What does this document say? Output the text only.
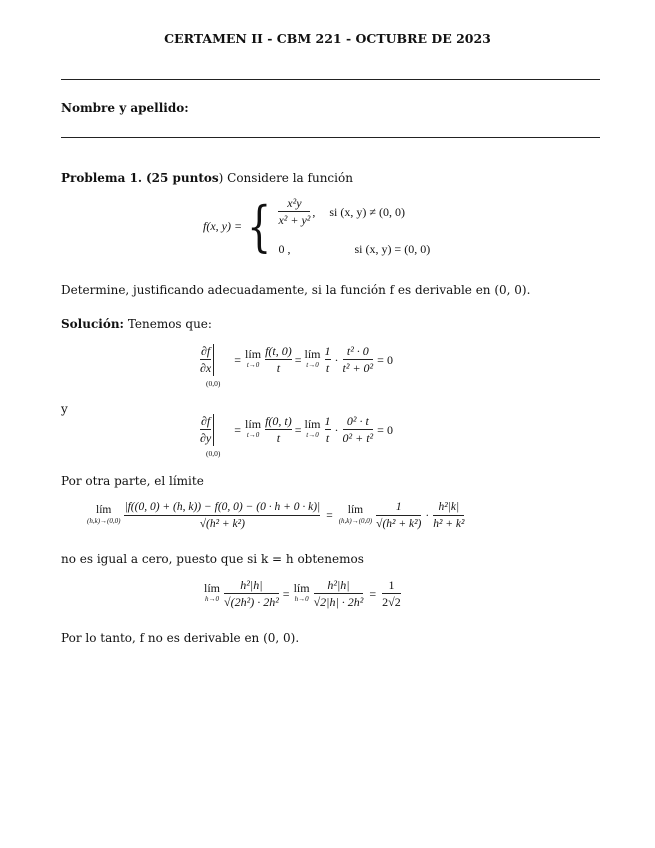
CERTAMEN II - CBM 221 - OCTUBRE DE 2023
Nombre y apellido:
Problema 1. (25 puntos) Considere la función
f(x, y) = { $\frac{\text{x²y}}{\text{x² + y²}}$ , si (x, y) ≠ (0, 0)
0 ,	si (x, y) = (0, 0)
Determine, justificando adecuadamente, si la función f es derivable en (0, 0).
Solución: Tenemos que:
$\frac{\partial f}{\partial x}$
(0,0)
= lím
$t\to 0 \frac{f(t, 0)}{t}$ = lím
$t\to 0 \frac{1}{t} \cdot \frac{\text{t² · 0}}{\text{t² + 0²}} = 0$
y
$\frac{\partial f}{\partial y}$
(0,0)
= lím
$t\to 0 \frac{f(0, t)}{t}$ = lím
$t\to 0 \frac{1}{t} \cdot \frac{\text{0² · t}}{\text{0² + t²}} = 0$
Por otra parte, el límite
lím
$(h,k)\to(0,0) \frac{|f((0, 0) + (h, k)) - f(0, 0) - (0 \cdot h + 0 \cdot k)|}{\text{√(h² + k²)}}$ =	lím
$(h,k)\to(0,0) \frac{1}{\text{√(h² + k²)}} \cdot \frac{\text{h²|k|}}{\text{h² + k²}}$
no es igual a cero, puesto que si k = h obtenemos
lím
$h\to 0 \frac{\text{h²|h|}}{\text{√(2h²) · 2h²}}$ = lím
$h\to 0 \frac{\text{h²|h|}}{\text{√2|h| · 2h²}} = \frac{1}{2√2}$
Por lo tanto, f no es derivable en (0, 0).
